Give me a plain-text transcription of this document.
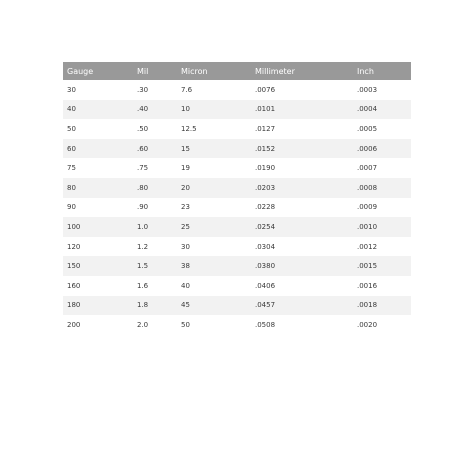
Gauge	Mil	Micron	Millimeter	Inch
30	.30	7.6	.0076	.0003
40	.40	10	.0101	.0004
50	.50	12.5	.0127	.0005
60	.60	15	.0152	.0006
75	.75	19	.0190	.0007
80	.80	20	.0203	.0008
90	.90	23	.0228	.0009
100	1.0	25	.0254	.0010
120	1.2	30	.0304	.0012
150	1.5	38	.0380	.0015
160	1.6	40	.0406	.0016
180	1.8	45	.0457	.0018
200	2.0	50	.0508	.0020
